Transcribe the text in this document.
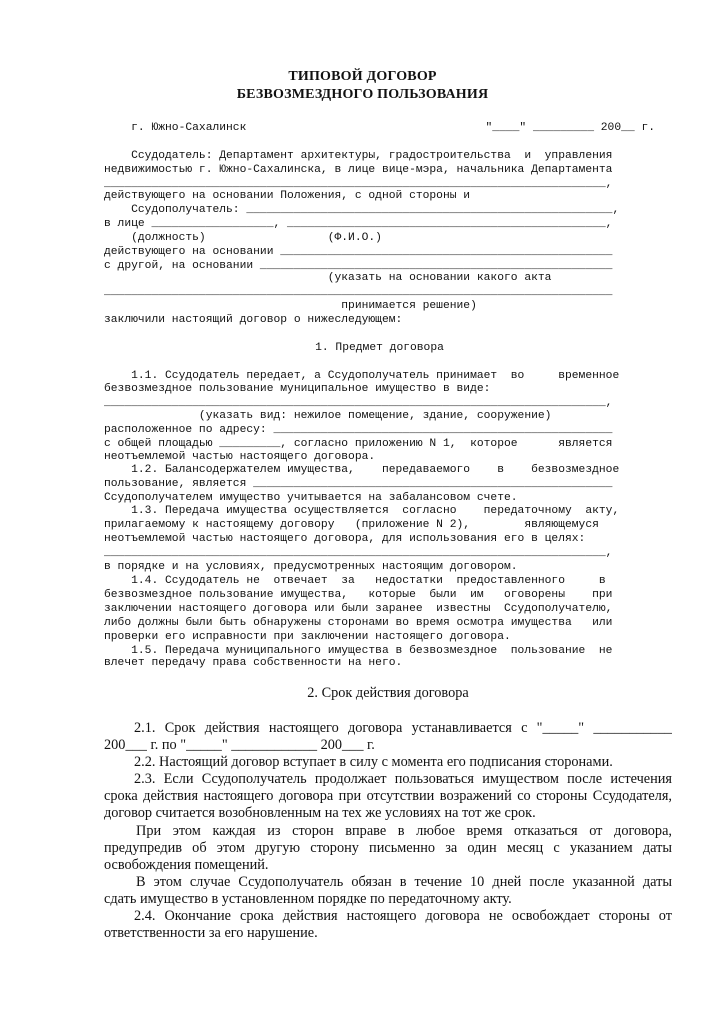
ТИПОВОЙ ДОГОВОР
БЕЗВОЗМЕЗДНОГО ПОЛЬЗОВАНИЯ
г. Южно-Сахалинск	"____" _________ 200__ г.
Ссудодатель: Департамент архитектуры, градостроительства  и  управления
недвижимостью г. Южно-Сахалинска, в лице вице-мэра, начальника Департамента
__________________________________________________________________________,
действующего на основании Положения, с одной стороны и
Ссудополучатель: ______________________________________________________,
в лице __________________, _______________________________________________,
(должность)                  (Ф.И.О.)
действующего на основании _________________________________________________
с другой, на основании ____________________________________________________
(указать на основании какого акта
___________________________________________________________________________
принимается решение)
заключили настоящий договор о нижеследующем:
1. Предмет договора
1.1. Ссудодатель передает, а Ссудополучатель принимает  во     временное
безвозмездное пользование муниципальное имущество в виде:
__________________________________________________________________________,
(указать вид: нежилое помещение, здание, сооружение)
расположенное по адресу: __________________________________________________
с общей площадью _________, согласно приложению N 1,  которое      является
неотъемлемой частью настоящего договора.
1.2. Балансодержателем имущества,    передаваемого    в    безвозмездное
пользование, является _____________________________________________________
Ссудополучателем имущество учитывается на забалансовом счете.
1.3. Передача имущества осуществляется  согласно    передаточному  акту,
прилагаемому к настоящему договору   (приложение N 2),        являющемуся
неотъемлемой частью настоящего договора, для использования его в целях:
__________________________________________________________________________,
в порядке и на условиях, предусмотренных настоящим договором.
1.4. Ссудодатель не  отвечает  за   недостатки  предоставленного     в
безвозмездное пользование имущества,   которые  были  им   оговорены    при
заключении настоящего договора или были заранее  известны  Ссудополучателю,
либо должны были быть обнаружены сторонами во время осмотра имущества   или
проверки его исправности при заключении настоящего договора.
1.5. Передача муниципального имущества в безвозмездное  пользование  не
влечет передачу права собственности на него.
2. Срок действия договора
2.1. Срок действия настоящего договора устанавливается с "_____" ___________
200___ г. по "_____" ____________ 200___ г.
2.2. Настоящий договор вступает в силу с момента его подписания сторонами.
2.3. Если Ссудополучатель продолжает пользоваться имуществом после истечения
срока действия настоящего договора при отсутствии возражений со стороны Ссудодателя,
договор считается возобновленным на тех же условиях на тот же срок.
При этом каждая из сторон вправе в любое время отказаться от договора,
предупредив об этом другую сторону письменно за один месяц с указанием даты
освобождения помещений.
В этом случае Ссудополучатель обязан в течение 10 дней после указанной даты
сдать имущество в установленном порядке по передаточному акту.
2.4. Окончание срока действия настоящего договора не освобождает стороны от
ответственности за его нарушение.
